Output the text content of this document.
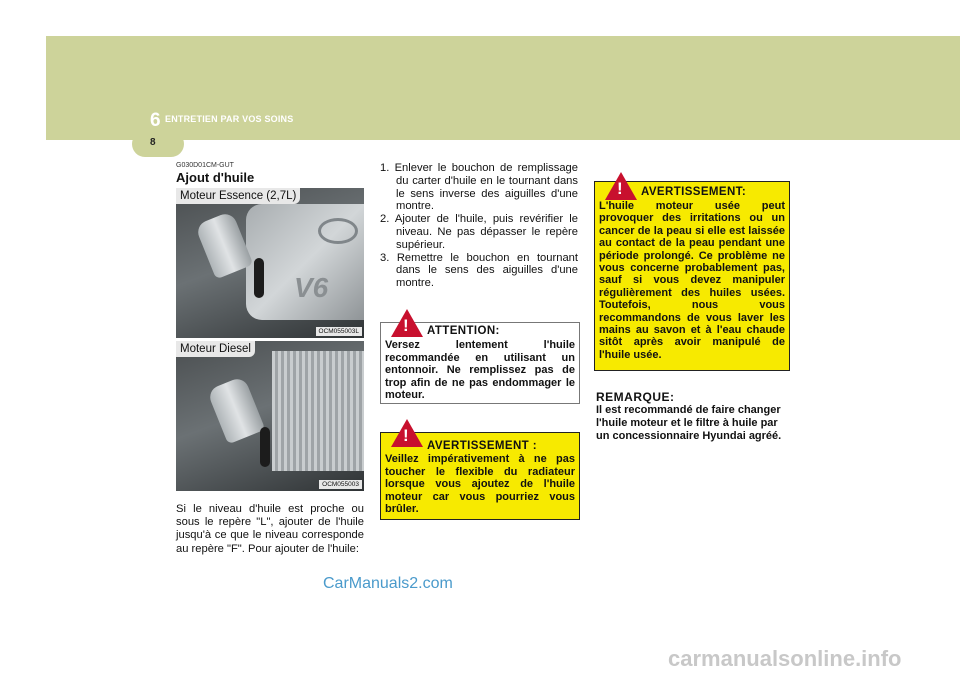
6 ENTRETIEN PAR VOS SOINS
8
G030D01CM-GUT
Ajout d'huile
V6
Moteur Essence (2,7L)
OCM055003L
Moteur Diesel
OCM055003
Si le niveau d'huile est proche ou sous le repère "L", ajouter de l'huile jusqu'à ce que le niveau corresponde au repère "F". Pour ajouter de l'huile:
1. Enlever le bouchon de remplissage du carter d'huile en le tournant dans le sens inverse des aiguilles d'une montre.
2. Ajouter de l'huile, puis revérifier le niveau. Ne pas dépasser le repère supérieur.
3. Remettre le bouchon en tournant dans le sens des aiguilles d'une montre.
!	ATTENTION:
Versez lentement l'huile recommandée en utilisant un entonnoir. Ne remplissez pas de trop afin de ne pas endommager le moteur.
!
AVERTISSEMENT :
Veillez impérativement à ne pas toucher le flexible du radiateur lorsque vous ajoutez de l'huile moteur car vous pourriez vous brûler.
!	AVERTISSEMENT:
L'huile moteur usée peut provoquer des irritations ou un cancer de la peau si elle est laissée au contact de la peau pendant une période prolongé. Ce problème ne vous concerne probablement pas, sauf si vous devez manipuler régulièrement des huiles usées. Toutefois, nous vous recommandons de vous laver les mains au savon et à l'eau chaude sitôt après avoir manipulé de l'huile usée.
REMARQUE:
Il est recommandé de faire changer l'huile moteur et le filtre à huile par un concessionnaire Hyundai agréé.
CarManuals2.com
carmanualsonline.info
